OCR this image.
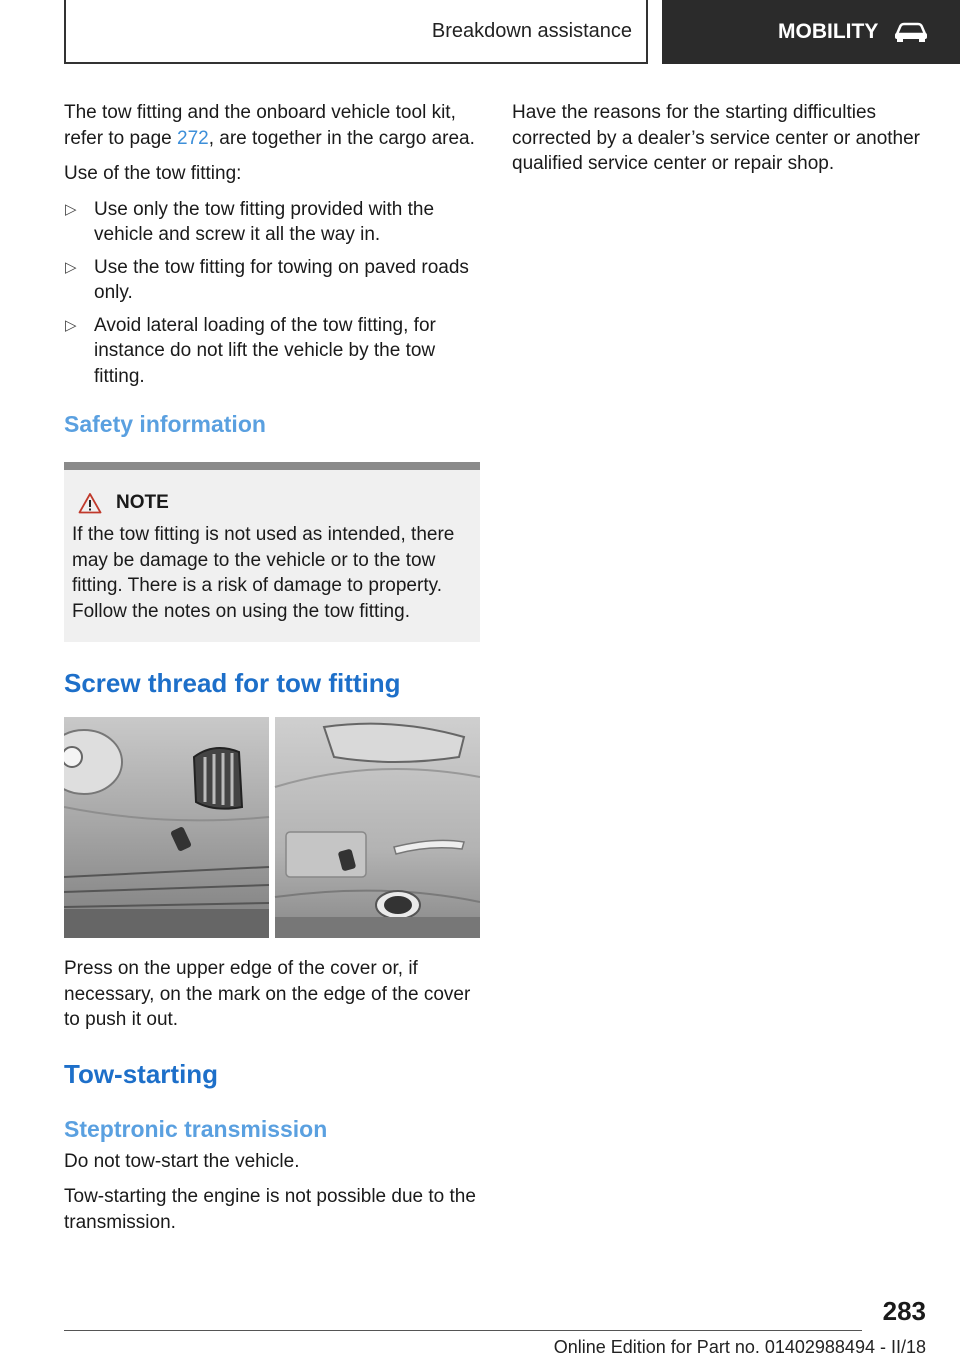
Breakdown assistance	MOBILITY

The tow fitting and the onboard vehicle tool kit, refer to page 272, are together in the cargo area.

Use of the tow fitting:

▷ Use only the tow fitting provided with the vehicle and screw it all the way in.
▷ Use the tow fitting for towing on paved roads only.
▷ Avoid lateral loading of the tow fitting, for instance do not lift the vehicle by the tow fitting.
Safety information
NOTE

If the tow fitting is not used as intended, there may be damage to the vehicle or to the tow fitting. There is a risk of damage to property. Follow the notes on using the tow fitting.

Screw thread for tow fitting

Press on the upper edge of the cover or, if necessary, on the mark on the edge of the cover to push it out.

Tow-starting
Steptronic transmission

Do not tow-start the vehicle.

Tow-starting the engine is not possible due to the transmission.

Have the reasons for the starting difficulties corrected by a dealer’s service center or another qualified service center or repair shop.

283
Online Edition for Part no. 01402988494 - II/18
